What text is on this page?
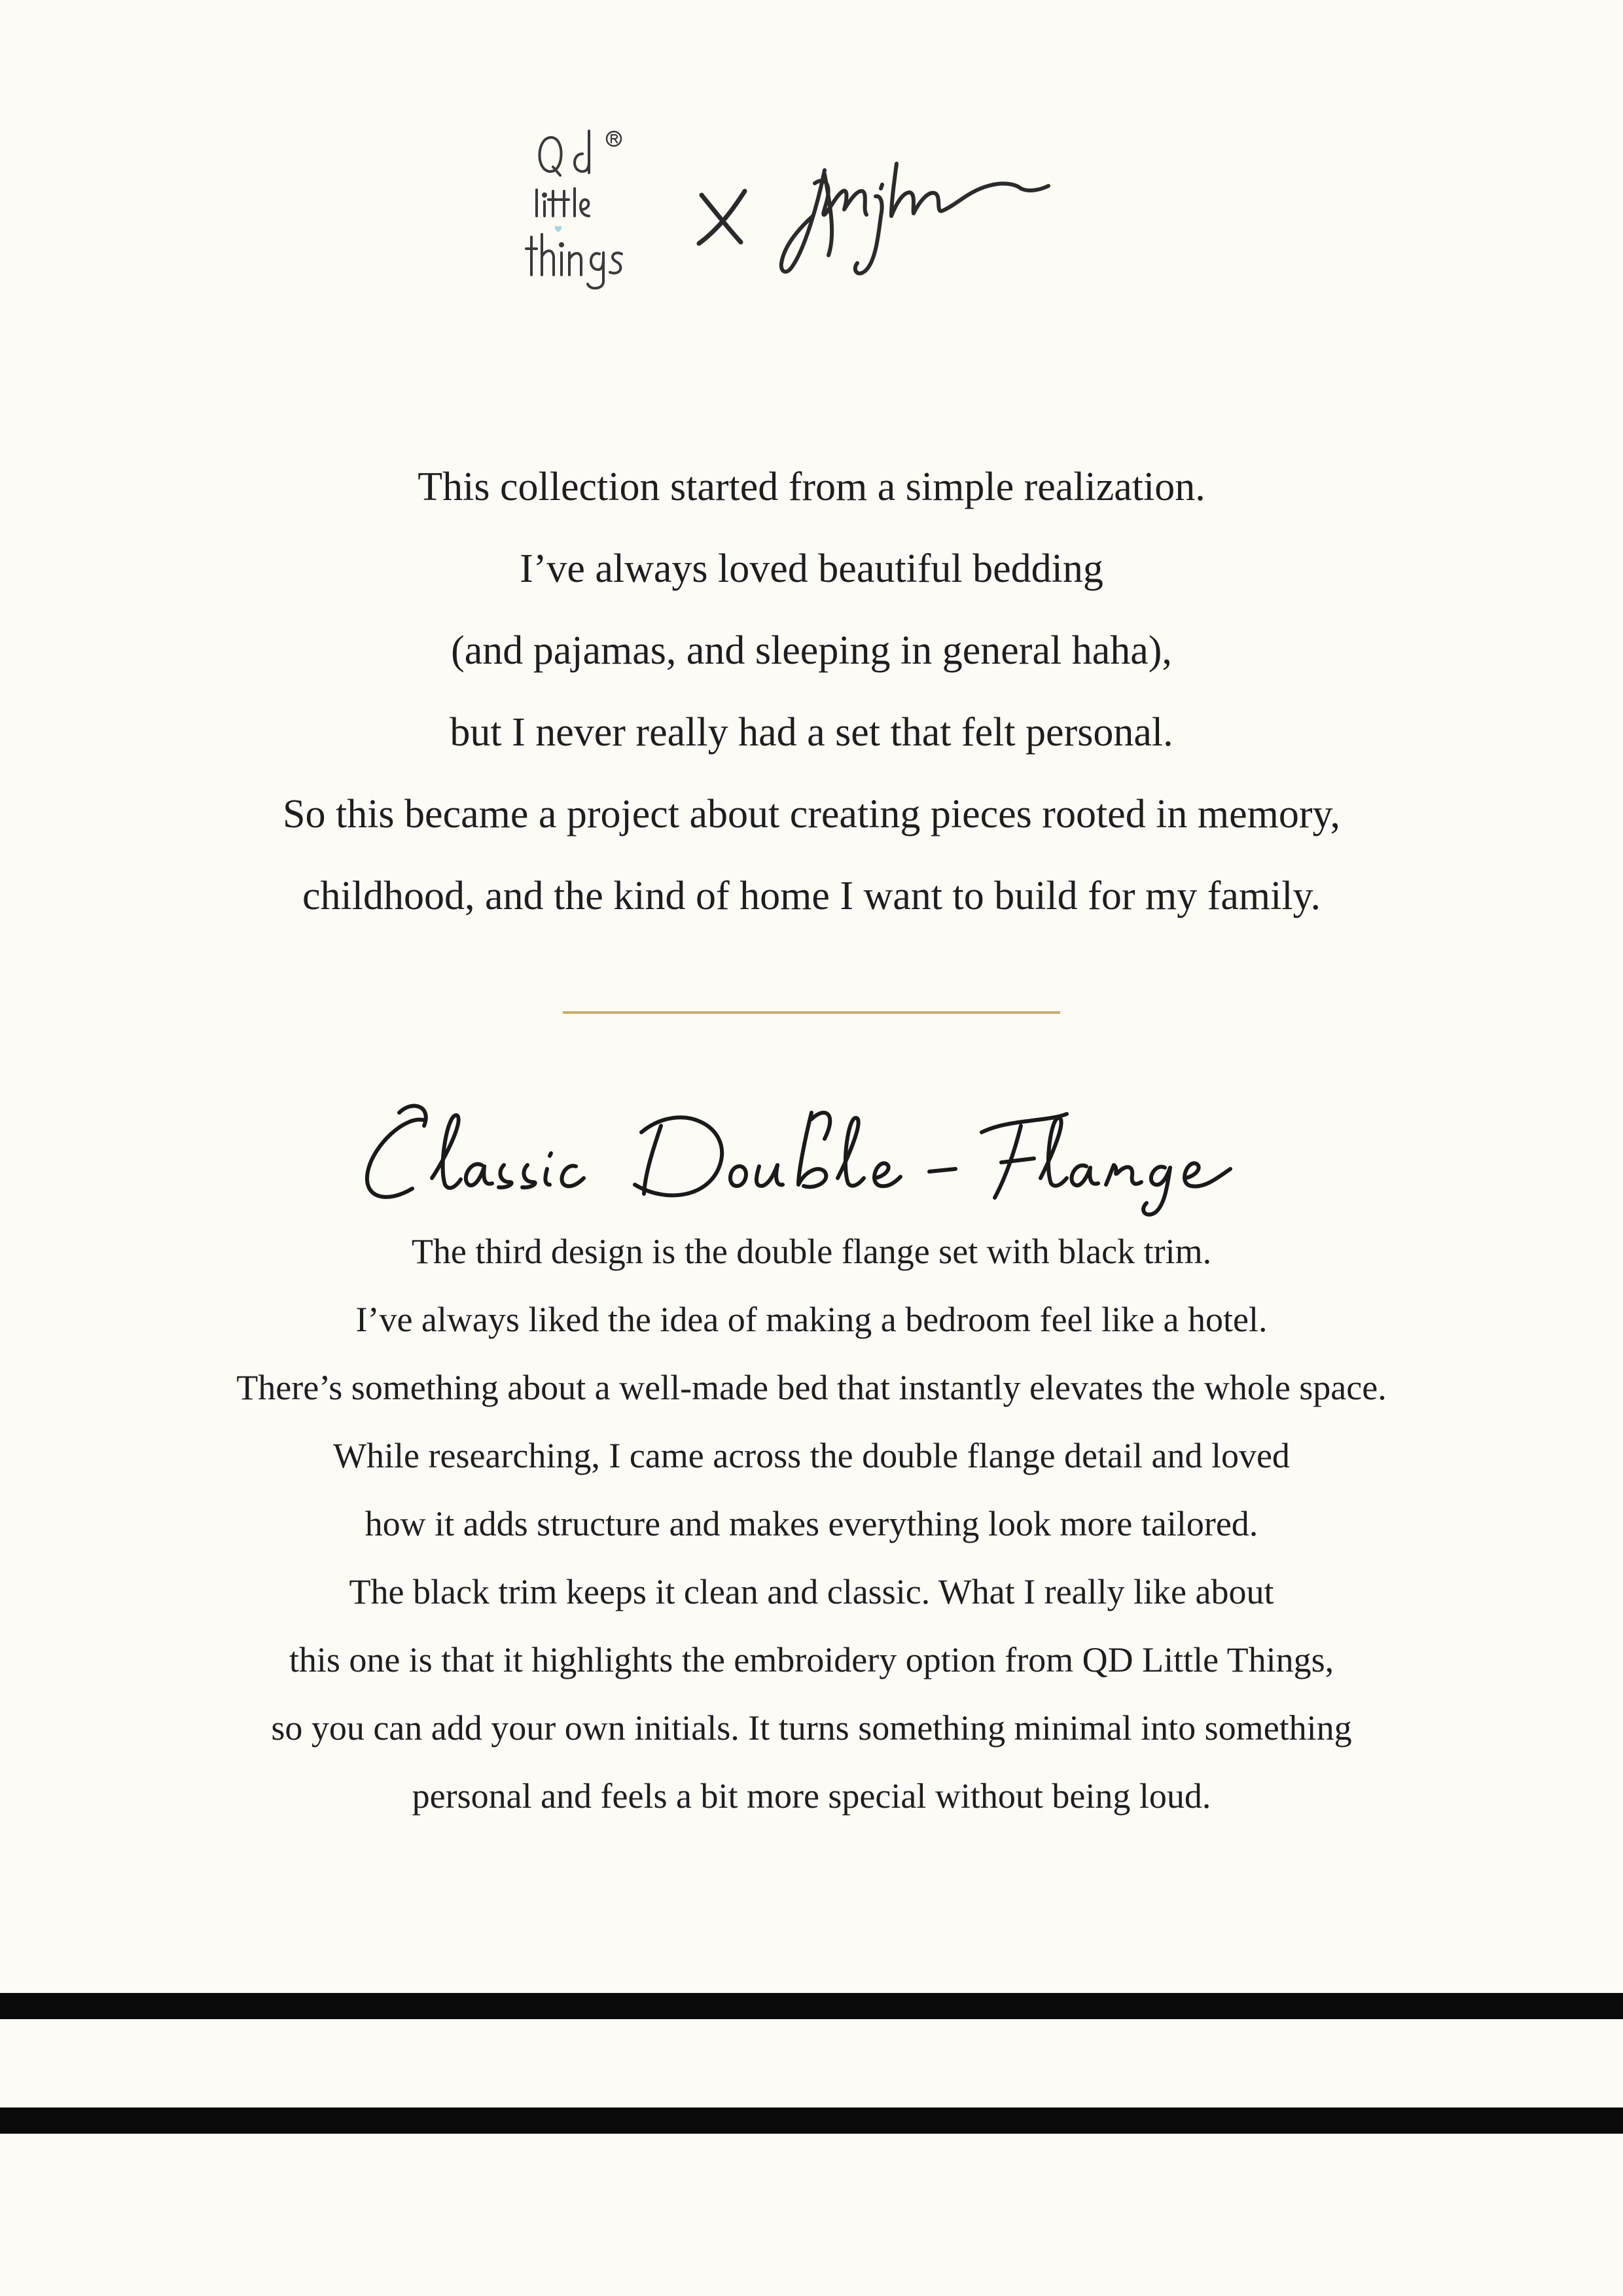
This collection started from a simple realization.
I’ve always loved beautiful bedding
(and pajamas, and sleeping in general haha),
but I never really had a set that felt personal.
So this became a project about creating pieces rooted in memory,
childhood, and the kind of home I want to build for my family.
The third design is the double flange set with black trim.
I’ve always liked the idea of making a bedroom feel like a hotel.
There’s something about a well-made bed that instantly elevates the whole space.
While researching, I came across the double flange detail and loved
how it adds structure and makes everything look more tailored.
The black trim keeps it clean and classic. What I really like about
this one is that it highlights the embroidery option from QD Little Things,
so you can add your own initials. It turns something minimal into something
personal and feels a bit more special without being loud.
